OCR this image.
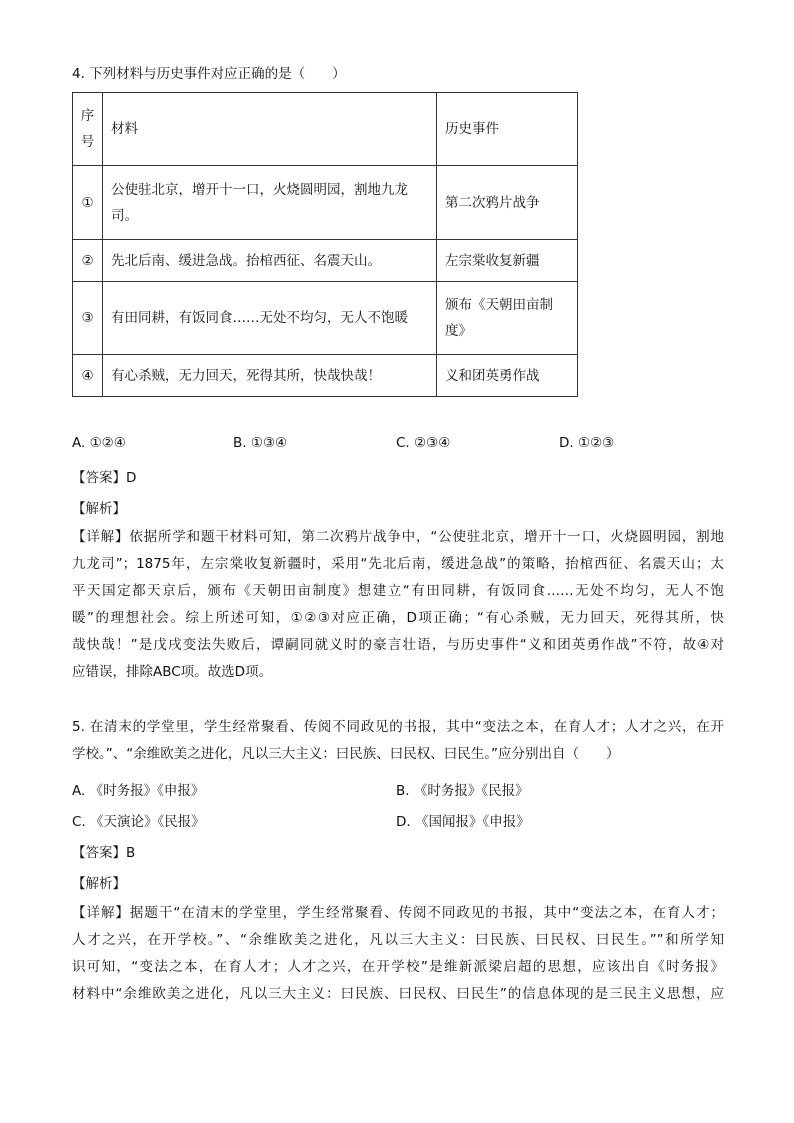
4. 下列材料与历史事件对应正确的是（　　）
序号	材料	历史事件
①	公使驻北京，增开十一口，火烧圆明园，割地九龙司。	第二次鸦片战争
②	先北后南、缓进急战。抬棺西征、名震天山。	左宗棠收复新疆
③	有田同耕，有饭同食……无处不均匀，无人不饱暖	颁布《天朝田亩制度》

④	有心杀贼，无力回天，死得其所，快哉快哉！	义和团英勇作战
A. ①②④	B. ①③④	C. ②③④	D. ①②③
【答案】D
【解析】
【详解】依据所学和题干材料可知，第二次鸦片战争中，“公使驻北京，增开十一口，火烧圆明园，割地
九龙司”；1875年，左宗棠收复新疆时，采用“先北后南，缓进急战”的策略，抬棺西征、名震天山；太
平天国定都天京后，颁布《天朝田亩制度》想建立“有田同耕，有饭同食……无处不均匀，无人不饱
暖”的理想社会。综上所述可知，①②③对应正确，D项正确；“有心杀贼，无力回天，死得其所，快
哉快哉！”是戊戌变法失败后，谭嗣同就义时的豪言壮语，与历史事件“义和团英勇作战”不符，故④对
应错误，排除ABC项。故选D项。
5. 在清末的学堂里，学生经常聚看、传阅不同政见的书报，其中“变法之本，在育人才；人才之兴，在开
学校。”、“余维欧美之进化，凡以三大主义：曰民族、曰民权、曰民生。”应分别出自（　　）
A. 《时务报》《申报》	B. 《时务报》《民报》
C. 《天演论》《民报》	D. 《国闻报》《申报》
【答案】B
【解析】
【详解】据题干“在清末的学堂里，学生经常聚看、传阅不同政见的书报，其中“变法之本，在育人才；
人才之兴，在开学校。”、“余维欧美之进化，凡以三大主义：曰民族、曰民权、曰民生。””和所学知
识可知，“变法之本，在育人才；人才之兴，在开学校”是维新派梁启超的思想，应该出自《时务报》
材料中“余维欧美之进化，凡以三大主义：曰民族、曰民权、曰民生”的信息体现的是三民主义思想，应
